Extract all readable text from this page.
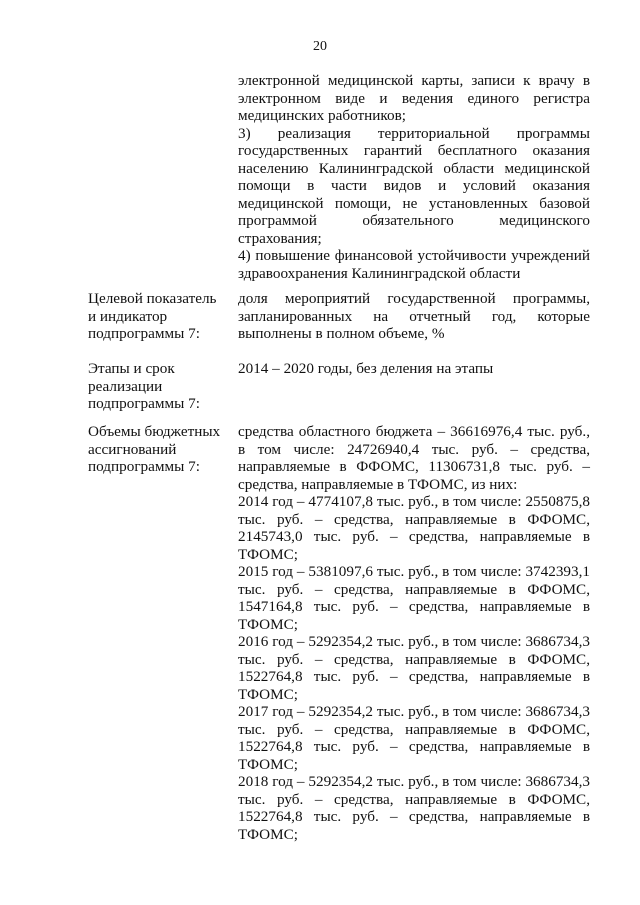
20

электронной медицинской карты, записи к врачу в электронном виде и ведения единого регистра медицинских работников;

3) реализация территориальной программы государственных гарантий бесплатного оказания населению Калининградской области медицинской помощи в части видов и условий оказания медицинской помощи, не установленных базовой программой обязательного медицинского страхования;

4) повышение финансовой устойчивости учреждений здравоохранения Калининградской области

Целевой показатель и индикатор подпрограммы 7:

доля мероприятий государственной программы, запланированных на отчетный год, которые выполнены в полном объеме, %

Этапы и срок реализации подпрограммы 7:

2014 – 2020 годы, без деления на этапы

Объемы бюджетных ассигнований подпрограммы 7:

средства областного бюджета – 36616976,4 тыс. руб., в том числе: 24726940,4 тыс. руб. – средства, направляемые в ФФОМС, 11306731,8 тыс. руб. – средства, направляемые в ТФОМС, из них:

2014 год – 4774107,8 тыс. руб., в том числе: 2550875,8 тыс. руб. – средства, направляемые в ФФОМС, 2145743,0 тыс. руб. – средства, направляемые в ТФОМС;

2015 год – 5381097,6 тыс. руб., в том числе: 3742393,1 тыс. руб. – средства, направляемые в ФФОМС, 1547164,8 тыс. руб. – средства, направляемые в ТФОМС;

2016 год – 5292354,2 тыс. руб., в том числе: 3686734,3 тыс. руб. – средства, направляемые в ФФОМС, 1522764,8 тыс. руб. – средства, направляемые в ТФОМС;

2017 год – 5292354,2 тыс. руб., в том числе: 3686734,3 тыс. руб. – средства, направляемые в ФФОМС, 1522764,8 тыс. руб. – средства, направляемые в ТФОМС;

2018 год – 5292354,2 тыс. руб., в том числе: 3686734,3 тыс. руб. – средства, направляемые в ФФОМС, 1522764,8 тыс. руб. – средства, направляемые в ТФОМС;
